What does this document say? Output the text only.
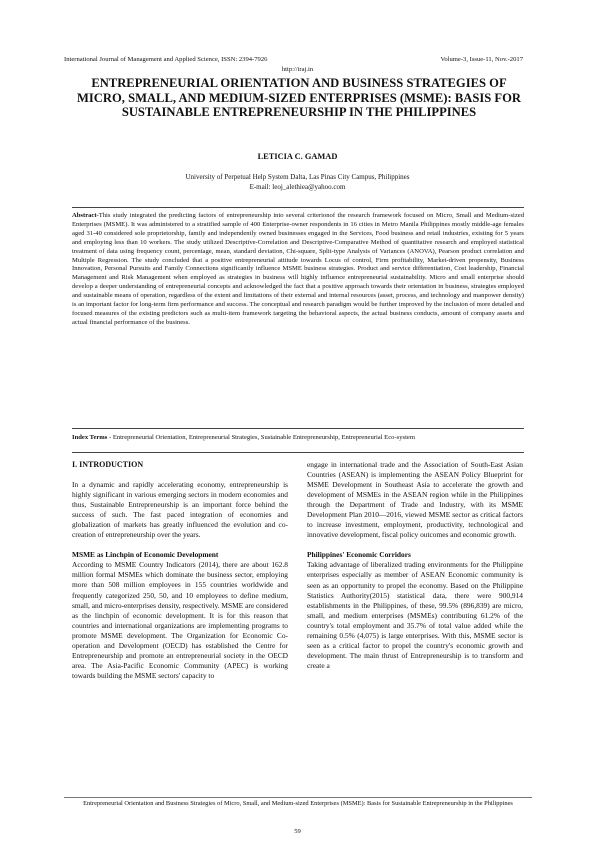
International Journal of Management and Applied Science, ISSN: 2394-7926	Volume-3, Issue-11, Nov.-2017
http://iraj.in
ENTREPRENEURIAL ORIENTATION AND BUSINESS STRATEGIES OF MICRO, SMALL, AND MEDIUM-SIZED ENTERPRISES (MSME): BASIS FOR SUSTAINABLE ENTREPRENEURSHIP IN THE PHILIPPINES
LETICIA C. GAMAD
University of Perpetual Help System Dalta, Las Pinas City Campus, Philippines
E-mail: leoj_alethiea@yahoo.com

Abstract-This study integrated the predicting factors of entrepreneurship into several criterionof the research framework focused on Micro, Small and Medium-sized Enterprises (MSME). It was administered to a stratified sample of 400 Enterprise-owner respondents in 16 cities in Metro Manila Philippines mostly middle-age females aged 31-40 considered sole proprietorship, family and independently owned businesses engaged in the Services, Food business and retail industries, existing for 5 years and employing less than 10 workers. The study utilized Descriptive-Correlation and Descriptive-Comparative Method of quantitative research and employed statistical treatment of data using frequency count, percentage, mean, standard deviation, Chi-square, Split-type Analysis of Variances (ANOVA), Pearson product correlation and Multiple Regression. The study concluded that a positive entrepreneurial attitude towards Locus of control, Firm profitability, Market-driven propensity, Business Innovation, Personal Pursuits and Family Connections significantly influence MSME business strategies. Product and service differentiation, Cost leadership, Financial Management and Risk Management when employed as strategies in business will highly influence entrepreneurial sustainability. Micro and small enterprise should develop a deeper understanding of entrepreneurial concepts and acknowledged the fact that a positive approach towards their orientation in business, strategies employed and sustainable means of operation, regardless of the extent and limitations of their external and internal resources (asset, process, and technology and manpower density) is an important factor for long-term firm performance and success. The conceptual and research paradigm would be further improved by the inclusion of more detailed and focused measures of the existing predictors such as multi-item framework targeting the behavioral aspects, the actual business conducts, amount of company assets and actual financial performance of the business.

Index Terms - Entrepreneurial Orientation, Entrepreneurial Strategies, Sustainable Entrepreneurship, Entrepreneurial Eco-system

I. INTRODUCTION

In a dynamic and rapidly accelerating economy, entrepreneurship is highly significant in various emerging sectors in modern economies and thus, Sustainable Entrepreneurship is an important force behind the success of such. The fast paced integration of economies and globalization of markets has greatly influenced the evolution and co-creation of entrepreneurship over the years.

MSME as Linchpin of Economic Development

According to MSME Country Indicators (2014), there are about 162.8 million formal MSMEs which dominate the business sector, employing more than 508 million employees in 155 countries worldwide and frequently categorized 250, 50, and 10 employees to define medium, small, and micro-enterprises density, respectively. MSME are considered as the linchpin of economic development. It is for this reason that countries and international organizations are implementing programs to promote MSME development. The Organization for Economic Co-operation and Development (OECD) has established the Centre for Entrepreneurship and promote an entrepreneurial society in the OECD area. The Asia-Pacific Economic Community (APEC) is working towards building the MSME sectors' capacity to

engage in international trade and the Association of South-East Asian Countries (ASEAN) is implementing the ASEAN Policy Blueprint for MSME Development in Southeast Asia to accelerate the growth and development of MSMEs in the ASEAN region while in the Philippines through the Department of Trade and Industry, with its MSME Development Plan 2010—2016, viewed MSME sector as critical factors to increase investment, employment, productivity, technological and innovative development, fiscal policy outcomes and economic growth.

Philippines' Economic Corridors

Taking advantage of liberalized trading environments for the Philippine enterprises especially as member of ASEAN Economic community is seen as an opportunity to propel the economy. Based on the Philippine Statistics Authority(2015) statistical data, there were 900,914 establishments in the Philippines, of these, 99.5% (896,839) are micro, small, and medium enterprises (MSMEs) contributing 61.2% of the country's total employment and 35.7% of total value added while the remaining 0.5% (4,075) is large enterprises. With this, MSME sector is seen as a critical factor to propel the country's economic growth and development. The main thrust of Entrepreneurship is to transform and create a

Entrepreneurial Orientation and Business Strategies of Micro, Small, and Medium-sized Enterprises (MSME): Basis for Sustainable Entrepreneurship in the Philippines
59
